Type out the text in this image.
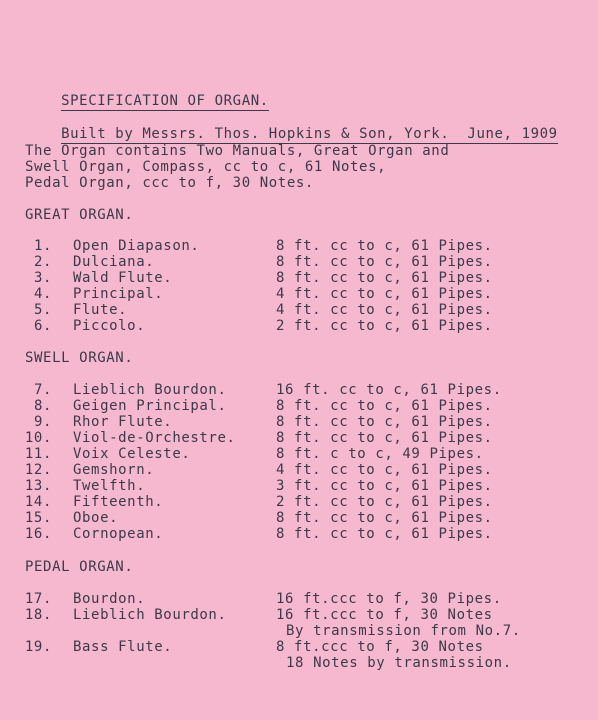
SPECIFICATION OF ORGAN.

Built by Messrs. Thos. Hopkins & Son, York.  June, 1909

The Organ contains Two Manuals, Great Organ and
Swell Organ, Compass, cc to c, 61 Notes,
Pedal Organ, ccc to f, 30 Notes.
GREAT ORGAN.
1. Open Diapason.	8 ft. cc to c, 61 Pipes.
2. Dulciana.	8 ft. cc to c, 61 Pipes.
3. Wald Flute.	8 ft. cc to c, 61 Pipes.
4. Principal.	4 ft. cc to c, 61 Pipes.
5. Flute.	4 ft. cc to c, 61 Pipes.
6. Piccolo.	2 ft. cc to c, 61 Pipes.
SWELL ORGAN.
7. Lieblich Bourdon.	16 ft. cc to c, 61 Pipes.
8. Geigen Principal.	8 ft. cc to c, 61 Pipes.
9. Rhor Flute.	8 ft. cc to c, 61 Pipes.
10. Viol-de-Orchestre.	8 ft. cc to c, 61 Pipes.
11. Voix Celeste.	8 ft. c to c, 49 Pipes.
12. Gemshorn.	4 ft. cc to c, 61 Pipes.
13. Twelfth.	3 ft. cc to c, 61 Pipes.
14. Fifteenth.	2 ft. cc to c, 61 Pipes.
15. Oboe.	8 ft. cc to c, 61 Pipes.
16. Cornopean.	8 ft. cc to c, 61 Pipes.
PEDAL ORGAN.
17. Bourdon.	16 ft.ccc to f, 30 Pipes.
18. Lieblich Bourdon.	16 ft.ccc to f, 30 Notes
By transmission from No.7.
19. Bass Flute.	8 ft.ccc to f, 30 Notes
18 Notes by transmission.
